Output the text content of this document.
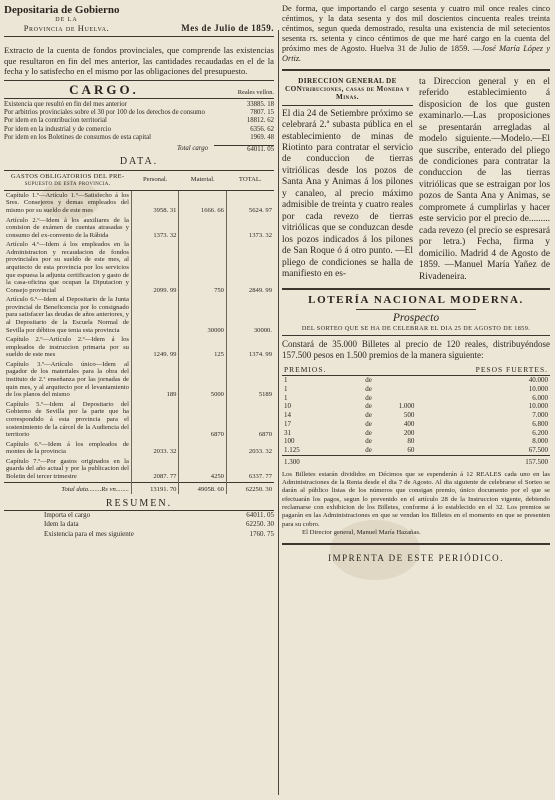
Depositaria de Gobierno
DE LA
Provincia de Huelva.	Mes de Julio de 1859.

Extracto de la cuenta de fondos provinciales, que comprende las existencias que resultaron en fin del mes anterior, las cantidades recaudadas en el de la fecha y lo satisfecho en el mismo por las obligaciones del presupuesto.

CARGO.	Reales vellon.
Existencia que resultó en fin del mes anterior	33885. 18
Por arbitrios provinciales sobre el 30 por 100 de los derechos de consumo	7807. 15
Por idem en la contribucion territorial	18812. 62
Por idem en la industrial y de comercio	6356. 62
Por idem en los Boletines de consumos de esta capital	1969. 48
Total cargo	64011. 05
DATA.
GASTOS OBLIGATORIOS DEL PRE-supuesto de esta provincia.	Personal.	Material.	TOTAL.
Capítulo 1.º—Artículo 1.º—Satisfecho á los Sres. Consejeros y demas empleados del mismo por su sueldo de este mes	3958. 31	1666. 66	5624. 97
Artículo 2.º—Idem á los auxiliares de la comision de exámen de cuentas atrasadas y consumo del ex-convento de la Rábida	1373. 32		1373. 32
Artículo 4.º—Idem á los empleados en la Administracion y recaudacion de fondos provinciales por su sueldo de este mes, al arquitecto de esta provincia por los servicios que espuesa la adjunta certificacion y gasto de la casa-oficina que ocupan la Diputacion y Consejo provincial	2099. 99	750	2849. 99
Artículo 6.º—Idem al Depositario de la Junta provincial de Beneficencia por lo consignado para satisfacer las deudas de años anteriores, y al Depositario de la Escuela Normal de Sevilla por débitos que tenia esta provincia		30000	30000.
Capítulo 2.º—Artículo 2.º—Idem á los empleados de instruccion primaria por su sueldo de este mes	1249. 99	125	1374. 99
Capítulo 3.º—Artículo único—Idem al pagador de los materiales para la obra del instituto de 2.ª enseñanza por las jornadas de quin mes, y al arquitecto por el levantamiento de los planos del mismo	189	5000	5189
Capítulo 5.º—Idem al Depositario del Gobierno de Sevilla por la parte que ha correspondido á esta provincia para el sostenimiento de la cárcel de la Audiencia del territorio		6870	6870
Capítulo 6.º—Idem á los empleados de montes de la provincia	2033. 32		2033. 32
Capítulo 7.º—Por gastos originados en la guarda del año actual y por la publicacion del Boletin del tercer trimestre	2087. 77	4250	6337. 77
Total data........Rs vn........	13191. 70	49058. 60	62250. 30
RESUMEN.
Importa el cargo	64011. 05
Idem la data	62250. 30
Existencia para el mes siguiente	1760. 75

De forma, que importando el cargo sesenta y cuatro mil once reales cinco céntimos, y la data sesenta y dos mil doscientos cincuenta reales treinta céntimos, segun queda demostrado, resulta una existencia de mil setecientos sesenta rs. setenta y cinco céntimos de que me haré cargo en la cuenta del próximo mes de Agosto. Huelva 31 de Julio de 1859. —José María López y Ortiz.

DIRECCION GENERAL DE CONtribuciones, casas de Moneda y Minas.

El dia 24 de Setiembre próximo se celebrará 2.ª subasta pública en el establecimiento de minas de Riotinto para contratar el servicio de conduccion de tierras vitriólicas desde los pozos de Santa Ana y Animas á los pilones y canaleo, al precio máximo admisible de treinta y cuatro reales por cada revezo de tierras vitriólicas que se conduzcan desde los pozos indicados á los pilones de San Roque ó á otro punto. —El pliego de condiciones se halla de manifiesto en es-

ta Direccion general y en el referido establecimiento á disposicion de los que gusten examinarlo.—Las proposiciones se presentarán arregladas al modelo siguiente.—Modelo.—El que suscribe, enterado del pliego de condiciones para contratar la conduccion de las tierras vitriólicas que se estraigan por los pozos de Santa Ana y Animas, se compromete á cumplirlas y hacer este servicio por el precio de......... cada revezo (el precio se espresará por letra.) Fecha, firma y domicilio. Madrid 4 de Agosto de 1859. —Manuel María Yañez de Rivadeneira.

LOTERÍA NACIONAL MODERNA.
Prospecto
DEL SORTEO QUE SE HA DE CELEBRAR EL DIA 25 DE AGOSTO DE 1859.

Constará de 35.000 Billetes al precio de 120 reales, distribuyéndose 157.500 pesos en 1.500 premios de la manera siguiente:

PREMIOS.			PESOS FUERTES.
1	de		40.000
1	de		10.000
1	de		6.000
10	de	1.000	10.000
14	de	500	7.000
17	de	400	6.800
31	de	200	6.200
100	de	80	8.000
1.125	de	60	67.500
1.300			157.500

Los Billetes estarán divididos en Décimos que se espenderán á 12 REALES cada uno en las Administraciones de la Renta desde el dia 7 de Agosto. Al dia siguiente de celebrarse el Sorteo se darán al público listas de los números que consigan premio, único documento por el que se efectuarán los pagos, segun lo prevenido en el artículo 28 de la Instruccion vigente, debiendo reclamarse con exhibicion de los Billetes, conforme á lo establecido en el 32. Los premios se pagarán en las Administraciones en que se vendan los Billetes en el momento en que se presenten para su cobro.
El Director general, Manuel María Hazañas.

IMPRENTA DE ESTE PERIÓDICO.
